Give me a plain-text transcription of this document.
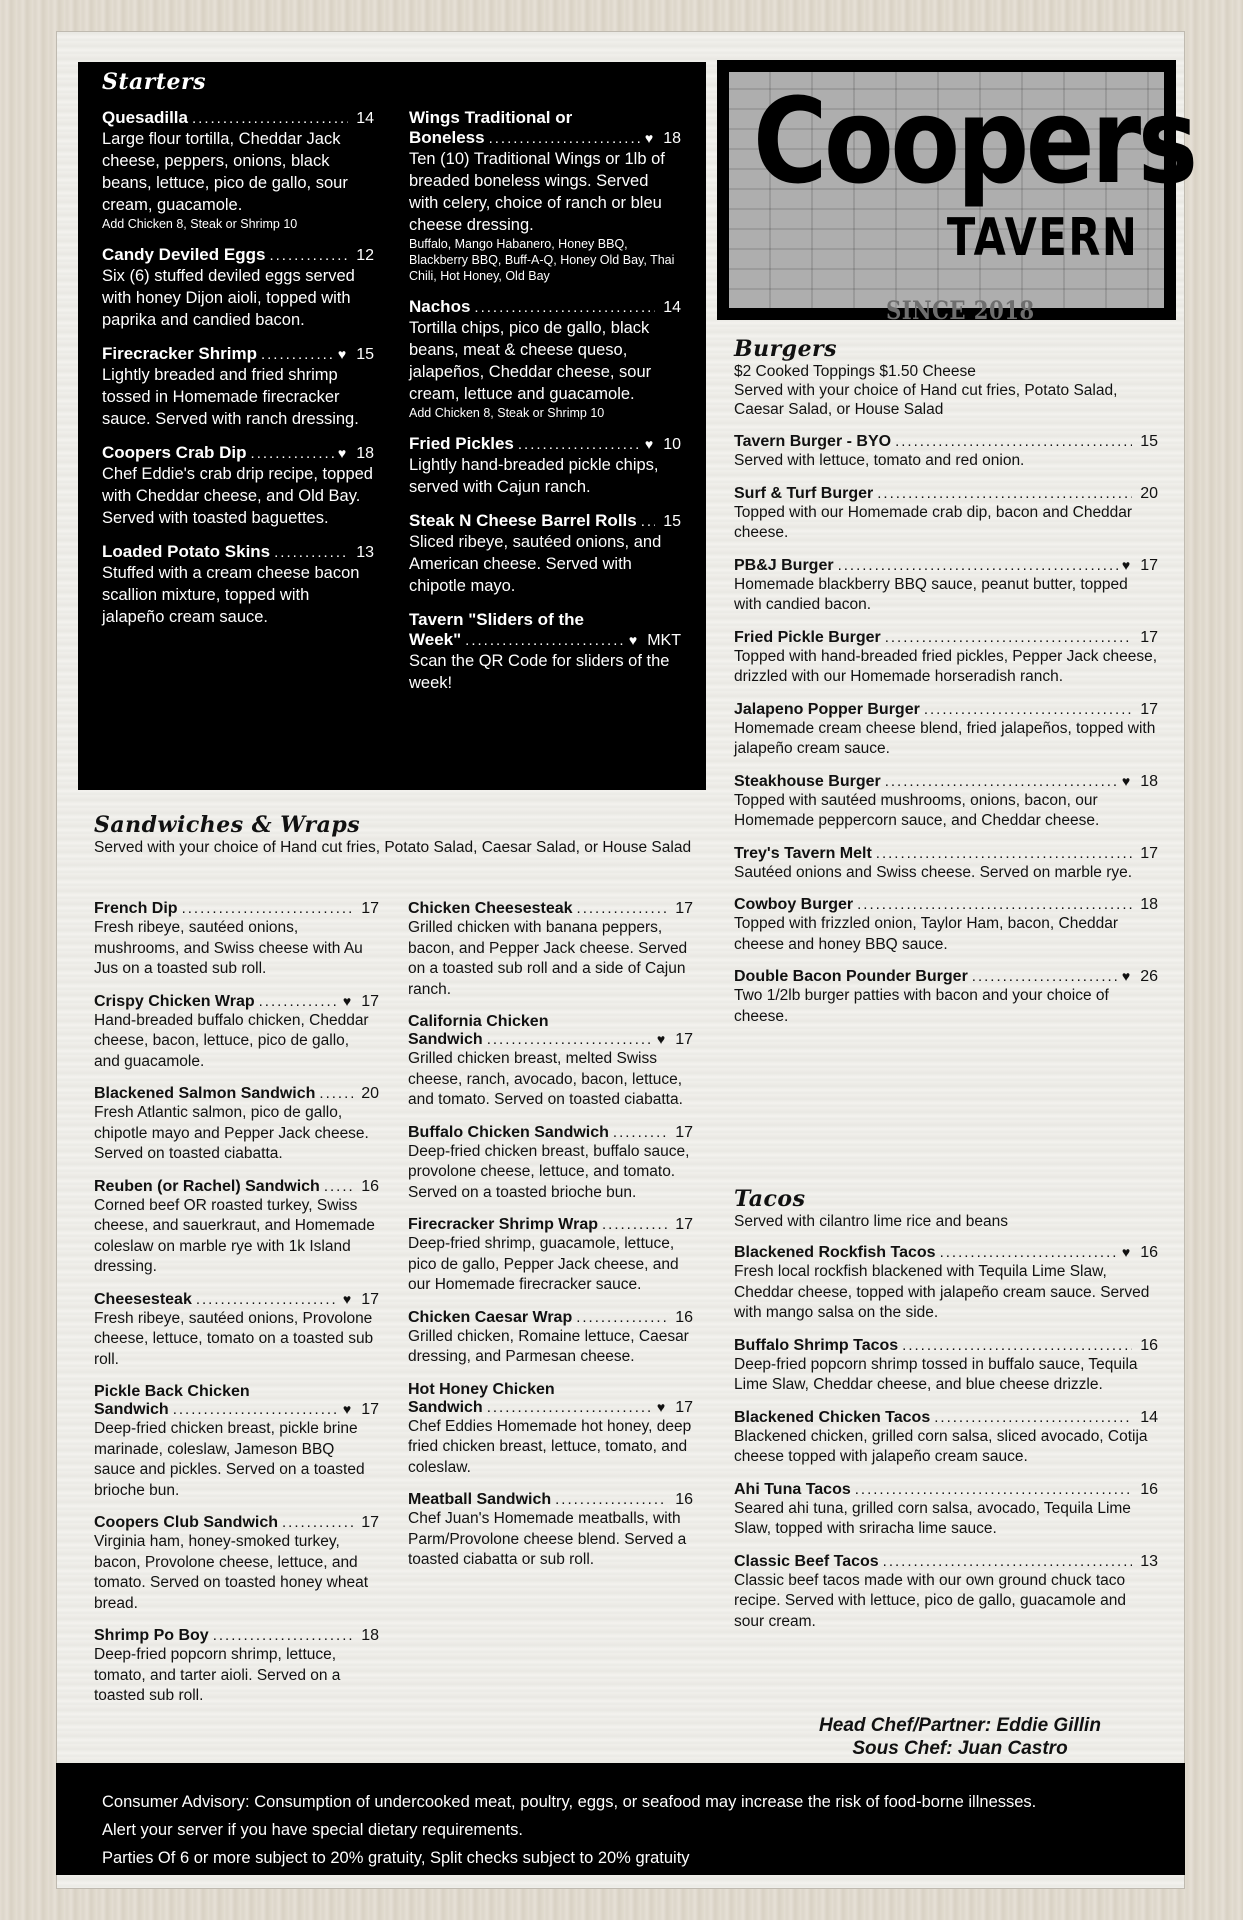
Starters
Quesadilla .....	14
Large flour tortilla, Cheddar Jack cheese, peppers, onions, black beans, lettuce, pico de gallo, sour cream, guacamole.
Add Chicken 8, Steak or Shrimp 10
Candy Deviled Eggs .....	12
Six (6) stuffed deviled eggs served with honey Dijon aioli, topped with paprika and candied bacon.
Firecracker Shrimp .....	♥ 15
Lightly breaded and fried shrimp tossed in Homemade firecracker sauce. Served with ranch dressing.
Coopers Crab Dip .....	♥ 18
Chef Eddie's crab drip recipe, topped with Cheddar cheese, and Old Bay. Served with toasted baguettes.
Loaded Potato Skins .....	13
Stuffed with a cream cheese bacon scallion mixture, topped with jalapeño cream sauce.
Wings Traditional or
Boneless .....	♥ 18
Ten (10) Traditional Wings or 1lb of breaded boneless wings. Served with celery, choice of ranch or bleu cheese dressing.
Buffalo, Mango Habanero, Honey BBQ, Blackberry BBQ, Buff-A-Q, Honey Old Bay, Thai Chili, Hot Honey, Old Bay
Nachos .....	14
Tortilla chips, pico de gallo, black beans, meat & cheese queso, jalapeños, Cheddar cheese, sour cream, lettuce and guacamole.
Add Chicken 8, Steak or Shrimp 10
Fried Pickles .....	♥ 10
Lightly hand-breaded pickle chips, served with Cajun ranch.
Steak N Cheese Barrel Rolls ..... 15
Sliced ribeye, sautéed onions, and American cheese. Served with chipotle mayo.
Tavern "Sliders of the
Week" .....	♥ MKT
Scan the QR Code for sliders of the week!
Coopers
TAVERN
SINCE 2018
Burgers
$2 Cooked Toppings $1.50 Cheese
Served with your choice of Hand cut fries, Potato Salad, Caesar Salad, or House Salad
Tavern Burger - BYO .....	15
Served with lettuce, tomato and red onion.
Surf & Turf Burger .....	20
Topped with our Homemade crab dip, bacon and Cheddar cheese.
PB&J Burger .....	♥ 17
Homemade blackberry BBQ sauce, peanut butter, topped with candied bacon.
Fried Pickle Burger .....	17
Topped with hand-breaded fried pickles, Pepper Jack cheese, drizzled with our Homemade horseradish ranch.
Jalapeno Popper Burger .....	17
Homemade cream cheese blend, fried jalapeños, topped with jalapeño cream sauce.
Steakhouse Burger .....	♥ 18
Topped with sautéed mushrooms, onions, bacon, our Homemade peppercorn sauce, and Cheddar cheese.
Trey's Tavern Melt .....	17
Sautéed onions and Swiss cheese. Served on marble rye.
Cowboy Burger .....	18
Topped with frizzled onion, Taylor Ham, bacon, Cheddar cheese and honey BBQ sauce.
Double Bacon Pounder Burger .....	♥ 26
Two 1/2lb burger patties with bacon and your choice of cheese.
Tacos
Served with cilantro lime rice and beans
Blackened Rockfish Tacos .....	♥ 16
Fresh local rockfish blackened with Tequila Lime Slaw, Cheddar cheese, topped with jalapeño cream sauce. Served with mango salsa on the side.
Buffalo Shrimp Tacos .....	16
Deep-fried popcorn shrimp tossed in buffalo sauce, Tequila Lime Slaw, Cheddar cheese, and blue cheese drizzle.
Blackened Chicken Tacos .....	14
Blackened chicken, grilled corn salsa, sliced avocado, Cotija cheese topped with jalapeño cream sauce.
Ahi Tuna Tacos .....	16
Seared ahi tuna, grilled corn salsa, avocado, Tequila Lime Slaw, topped with sriracha lime sauce.
Classic Beef Tacos .....	13
Classic beef tacos made with our own ground chuck taco recipe. Served with lettuce, pico de gallo, guacamole and sour cream.
Sandwiches & Wraps
Served with your choice of Hand cut fries, Potato Salad, Caesar Salad, or House Salad
French Dip .....	17
Fresh ribeye, sautéed onions, mushrooms, and Swiss cheese with Au Jus on a toasted sub roll.
Crispy Chicken Wrap .....	♥ 17
Hand-breaded buffalo chicken, Cheddar cheese, bacon, lettuce, pico de gallo, and guacamole.
Blackened Salmon Sandwich .....	20
Fresh Atlantic salmon, pico de gallo, chipotle mayo and Pepper Jack cheese. Served on toasted ciabatta.
Reuben (or Rachel) Sandwich .....	16
Corned beef OR roasted turkey, Swiss cheese, and sauerkraut, and Homemade coleslaw on marble rye with 1k Island dressing.
Cheesesteak .....	♥ 17
Fresh ribeye, sautéed onions, Provolone cheese, lettuce, tomato on a toasted sub roll.
Pickle Back Chicken
Sandwich .....	♥ 17
Deep-fried chicken breast, pickle brine marinade, coleslaw, Jameson BBQ sauce and pickles. Served on a toasted brioche bun.
Coopers Club Sandwich .....	17
Virginia ham, honey-smoked turkey, bacon, Provolone cheese, lettuce, and tomato. Served on toasted honey wheat bread.
Shrimp Po Boy .....	18
Deep-fried popcorn shrimp, lettuce, tomato, and tarter aioli. Served on a toasted sub roll.
Chicken Cheesesteak .....	17
Grilled chicken with banana peppers, bacon, and Pepper Jack cheese. Served on a toasted sub roll and a side of Cajun ranch.
California Chicken
Sandwich .....	♥ 17
Grilled chicken breast, melted Swiss cheese, ranch, avocado, bacon, lettuce, and tomato. Served on toasted ciabatta.
Buffalo Chicken Sandwich .....	17
Deep-fried chicken breast, buffalo sauce, provolone cheese, lettuce, and tomato. Served on a toasted brioche bun.
Firecracker Shrimp Wrap .....	17
Deep-fried shrimp, guacamole, lettuce, pico de gallo, Pepper Jack cheese, and our Homemade firecracker sauce.
Chicken Caesar Wrap .....	16
Grilled chicken, Romaine lettuce, Caesar dressing, and Parmesan cheese.
Hot Honey Chicken
Sandwich .....	♥ 17
Chef Eddies Homemade hot honey, deep fried chicken breast, lettuce, tomato, and coleslaw.
Meatball Sandwich .....	16
Chef Juan's Homemade meatballs, with Parm/Provolone cheese blend. Served a toasted ciabatta or sub roll.
Head Chef/Partner: Eddie Gillin
Sous Chef: Juan Castro
Consumer Advisory: Consumption of undercooked meat, poultry, eggs, or seafood may increase the risk of food-borne illnesses.
Alert your server if you have special dietary requirements.
Parties Of 6 or more subject to 20% gratuity, Split checks subject to 20% gratuity
